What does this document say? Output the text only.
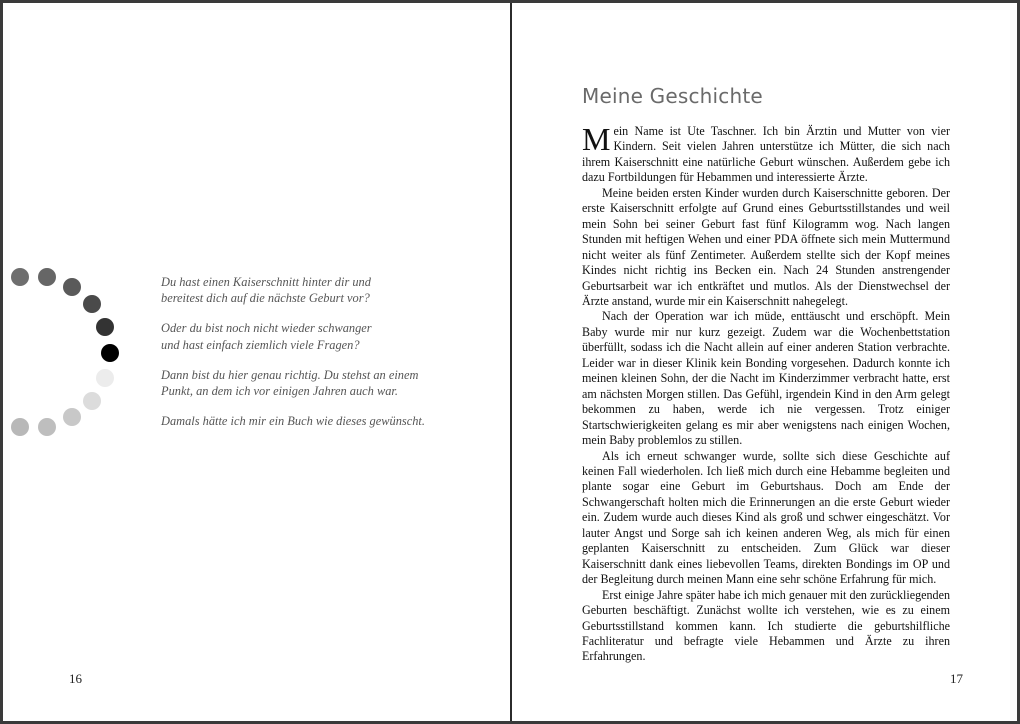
Du hast einen Kaiserschnitt hinter dir und
bereitest dich auf die nächste Geburt vor?

Oder du bist noch nicht wieder schwanger
und hast einfach ziemlich viele Fragen?

Dann bist du hier genau richtig. Du stehst an einem
Punkt, an dem ich vor einigen Jahren auch war.

Damals hätte ich mir ein Buch wie dieses gewünscht.

16	17
Meine Geschichte

Mein Name ist Ute Taschner. Ich bin Ärztin und Mutter von vier Kindern. Seit vielen Jahren unterstütze ich Mütter, die sich nach ihrem Kaiserschnitt eine natürliche Geburt wünschen. Außerdem gebe ich dazu Fortbildungen für Hebammen und interessierte Ärzte.

Meine beiden ersten Kinder wurden durch Kaiserschnitte geboren. Der erste Kaiserschnitt erfolgte auf Grund eines Geburtsstillstandes und weil mein Sohn bei seiner Geburt fast fünf Kilogramm wog. Nach langen Stunden mit heftigen Wehen und einer PDA öffnete sich mein Muttermund nicht weiter als fünf Zentimeter. Außerdem stellte sich der Kopf meines Kindes nicht richtig ins Becken ein. Nach 24 Stunden anstrengender Geburtsarbeit war ich entkräftet und mutlos. Als der Dienstwechsel der Ärzte anstand, wurde mir ein Kaiserschnitt nahegelegt.

Nach der Operation war ich müde, enttäuscht und erschöpft. Mein Baby wurde mir nur kurz gezeigt. Zudem war die Wochenbettstation überfüllt, sodass ich die Nacht allein auf einer anderen Station verbrachte. Leider war in dieser Klinik kein Bonding vorgesehen. Dadurch konnte ich meinen kleinen Sohn, der die Nacht im Kinderzimmer verbracht hatte, erst am nächsten Morgen stillen. Das Gefühl, irgendein Kind in den Arm gelegt bekommen zu haben, werde ich nie vergessen. Trotz einiger Startschwierigkeiten gelang es mir aber wenigstens nach einigen Wochen, mein Baby problemlos zu stillen.

Als ich erneut schwanger wurde, sollte sich diese Geschichte auf keinen Fall wiederholen. Ich ließ mich durch eine Hebamme begleiten und plante sogar eine Geburt im Geburtshaus. Doch am Ende der Schwangerschaft holten mich die Erinnerungen an die erste Geburt wieder ein. Zudem wurde auch dieses Kind als groß und schwer eingeschätzt. Vor lauter Angst und Sorge sah ich keinen anderen Weg, als mich für einen geplanten Kaiserschnitt zu entscheiden. Zum Glück war dieser Kaiserschnitt dank eines liebevollen Teams, direkten Bondings im OP und der Begleitung durch meinen Mann eine sehr schöne Erfahrung für mich.

Erst einige Jahre später habe ich mich genauer mit den zurückliegenden Geburten beschäftigt. Zunächst wollte ich verstehen, wie es zu einem Geburtsstillstand kommen kann. Ich studierte die geburtshilfliche Fachliteratur und befragte viele Hebammen und Ärzte zu ihren Erfahrungen.
